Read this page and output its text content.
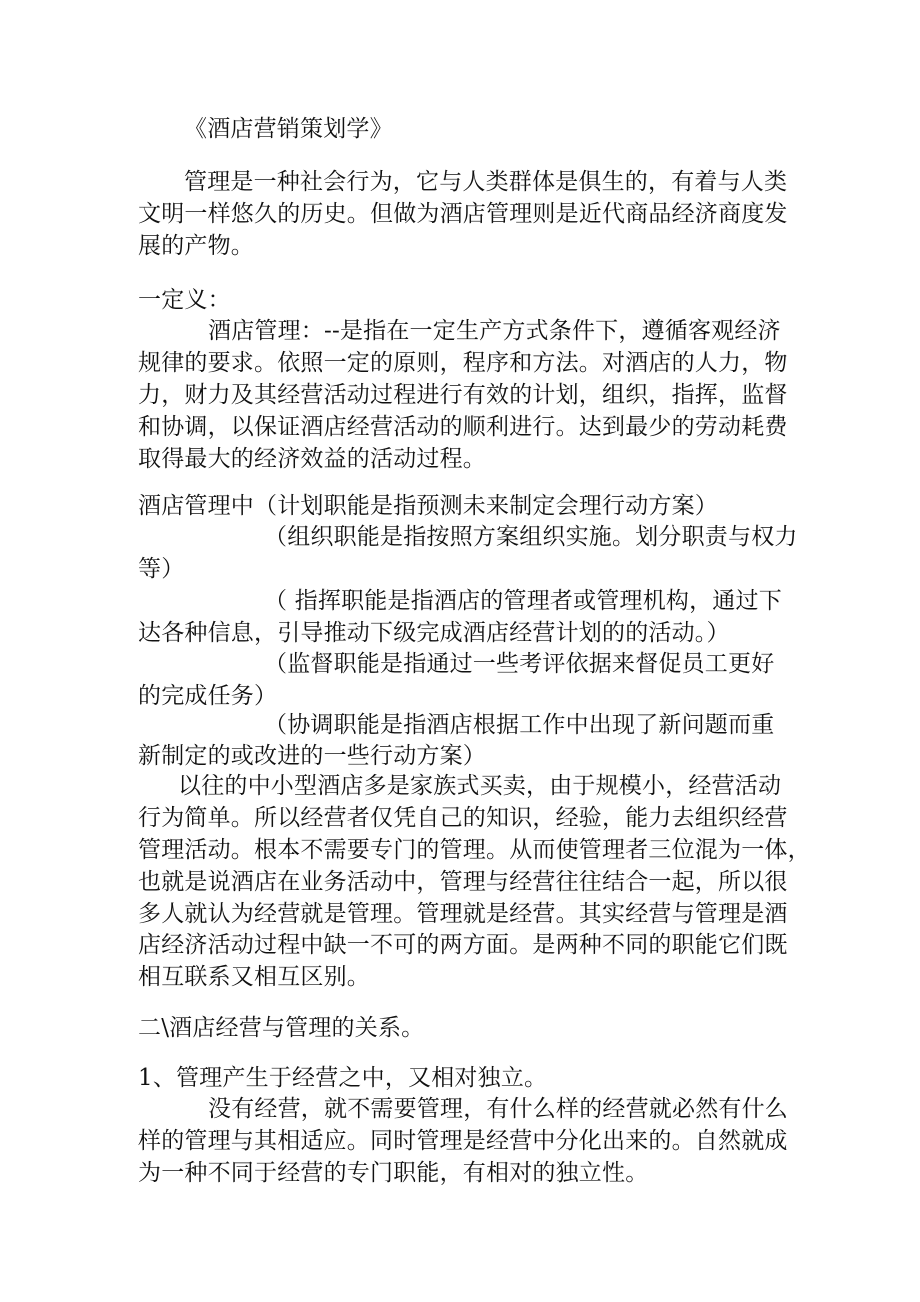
《酒店营销策划学》
管理是一种社会行为，它与人类群体是俱生的，有着与人类
文明一样悠久的历史。但做为酒店管理则是近代商品经济商度发
展的产物。
一定义：
酒店管理：--是指在一定生产方式条件下，遵循客观经济
规律的要求。依照一定的原则，程序和方法。对酒店的人力，物
力，财力及其经营活动过程进行有效的计划，组织，指挥，监督
和协调，以保证酒店经营活动的顺利进行。达到最少的劳动耗费
取得最大的经济效益的活动过程。
酒店管理中（计划职能是指预测未来制定会理行动方案）
（组织职能是指按照方案组织实施。划分职责与权力
等）
（ 指挥职能是指酒店的管理者或管理机构，通过下
达各种信息，引导推动下级完成酒店经营计划的的活动。）
（监督职能是指通过一些考评依据来督促员工更好
的完成任务）
（协调职能是指酒店根据工作中出现了新问题而重
新制定的或改进的一些行动方案）
以往的中小型酒店多是家族式买卖，由于规模小，经营活动
行为简单。所以经营者仅凭自己的知识，经验，能力去组织经营
管理活动。根本不需要专门的管理。从而使管理者三位混为一体，
也就是说酒店在业务活动中，管理与经营往往结合一起，所以很
多人就认为经营就是管理。管理就是经营。其实经营与管理是酒
店经济活动过程中缺一不可的两方面。是两种不同的职能它们既
相互联系又相互区别。
二\酒店经营与管理的关系。
1、管理产生于经营之中，又相对独立。
没有经营，就不需要管理，有什么样的经营就必然有什么
样的管理与其相适应。同时管理是经营中分化出来的。自然就成
为一种不同于经营的专门职能，有相对的独立性。
